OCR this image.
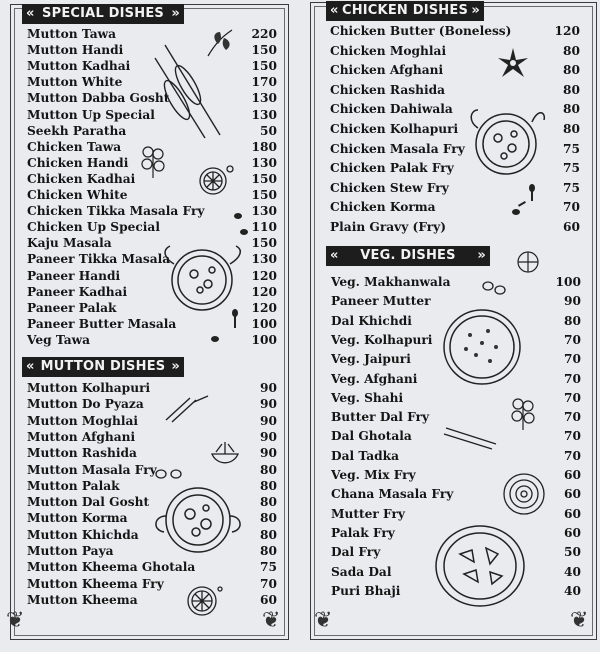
« SPECIAL DISHES »
Mutton Tawa	220
Mutton Handi	150
Mutton Kadhai	150
Mutton White	170
Mutton Dabba Gosht	130
Mutton Up Special	130
Seekh Paratha	50
Chicken Tawa	180
Chicken Handi	130
Chicken Kadhai	150
Chicken White	150
Chicken Tikka Masala Fry	130
Chicken Up Special	110
Kaju Masala	150
Paneer Tikka Masala	130
Paneer Handi	120
Paneer Kadhai	120
Paneer Palak	120
Paneer Butter Masala	100
Veg Tawa	100
« MUTTON DISHES »
Mutton Kolhapuri	90
Mutton Do Pyaza	90
Mutton Moghlai	90
Mutton Afghani	90
Mutton Rashida	90
Mutton Masala Fry	80
Mutton Palak	80
Mutton Dal Gosht	80
Mutton Korma	80
Mutton Khichda	80
Mutton Paya	80
Mutton Kheema Ghotala	75
Mutton Kheema Fry	70
Mutton Kheema	60
« CHICKEN DISHES »
Chicken Butter (Boneless)	120
Chicken Moghlai	80
Chicken Afghani	80
Chicken Rashida	80
Chicken Dahiwala	80
Chicken Kolhapuri	80
Chicken Masala Fry	75
Chicken Palak Fry	75
Chicken Stew Fry	75
Chicken Korma	70
Plain Gravy (Fry)	60
« VEG. DISHES »
Veg. Makhanwala	100
Paneer Mutter	90
Dal Khichdi	80
Veg. Kolhapuri	70
Veg. Jaipuri	70
Veg. Afghani	70
Veg. Shahi	70
Butter Dal Fry	70
Dal Ghotala	70
Dal Tadka	70
Veg. Mix Fry	60
Chana Masala Fry	60
Mutter Fry	60
Palak Fry	60
Dal Fry	50
Sada Dal	40
Puri Bhaji	40
❦	❦ ❦	❦
